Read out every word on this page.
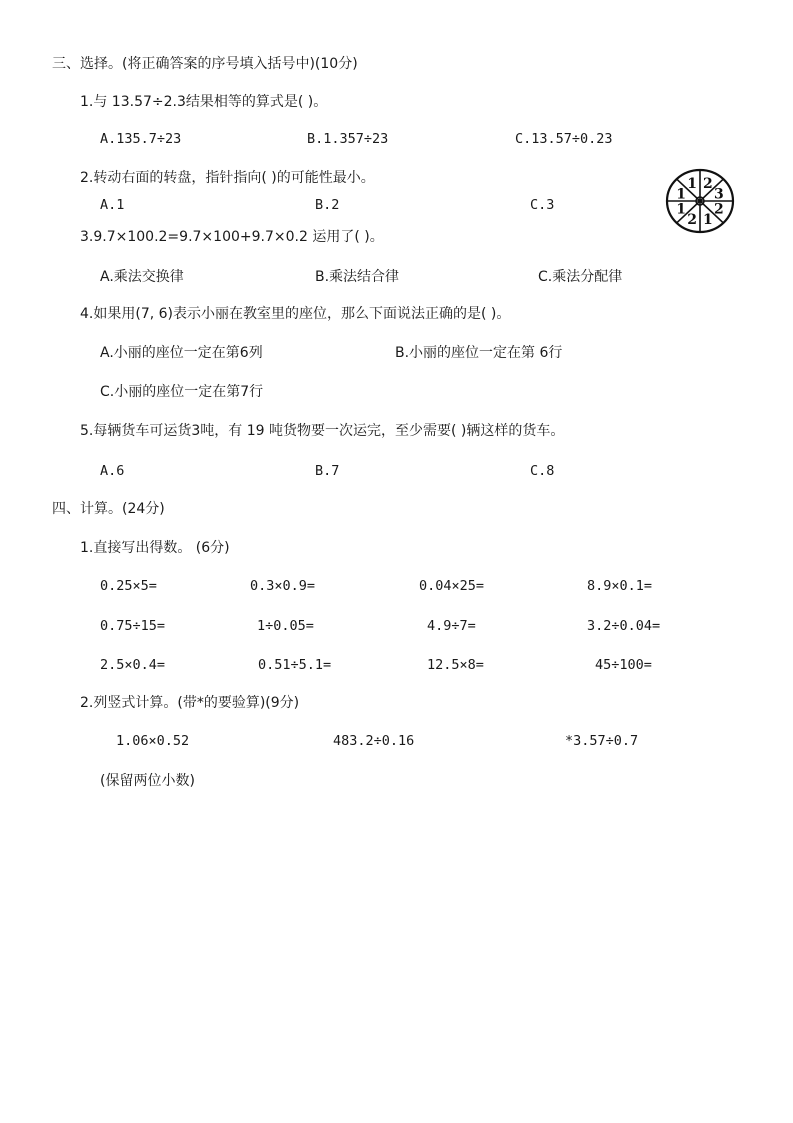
三、选择。(将正确答案的序号填入括号中)(10分)
1.与 13.57÷2.3结果相等的算式是( )。
A.135.7÷23	B.1.357÷23	C.13.57÷0.23
2.转动右面的转盘，指针指向( )的可能性最小。
A.1	B.2	C.3
2
3
2
1
2
1
1
1
3.9.7×100.2=9.7×100+9.7×0.2 运用了( )。
A.乘法交换律	B.乘法结合律	C.乘法分配律
4.如果用(7, 6)表示小丽在教室里的座位，那么下面说法正确的是( )。
A.小丽的座位一定在第6列	B.小丽的座位一定在第 6行
C.小丽的座位一定在第7行
5.每辆货车可运货3吨，有 19 吨货物要一次运完，至少需要( )辆这样的货车。
A.6	B.7	C.8
四、计算。(24分)
1.直接写出得数。 (6分)
0.25×5=	0.3×0.9=	0.04×25=	8.9×0.1=
0.75÷15=	1÷0.05=	4.9÷7=	3.2÷0.04=
2.5×0.4=	0.51÷5.1=	12.5×8=	45÷100=
2.列竖式计算。(带*的要验算)(9分)
1.06×0.52	483.2÷0.16	*3.57÷0.7
(保留两位小数)
